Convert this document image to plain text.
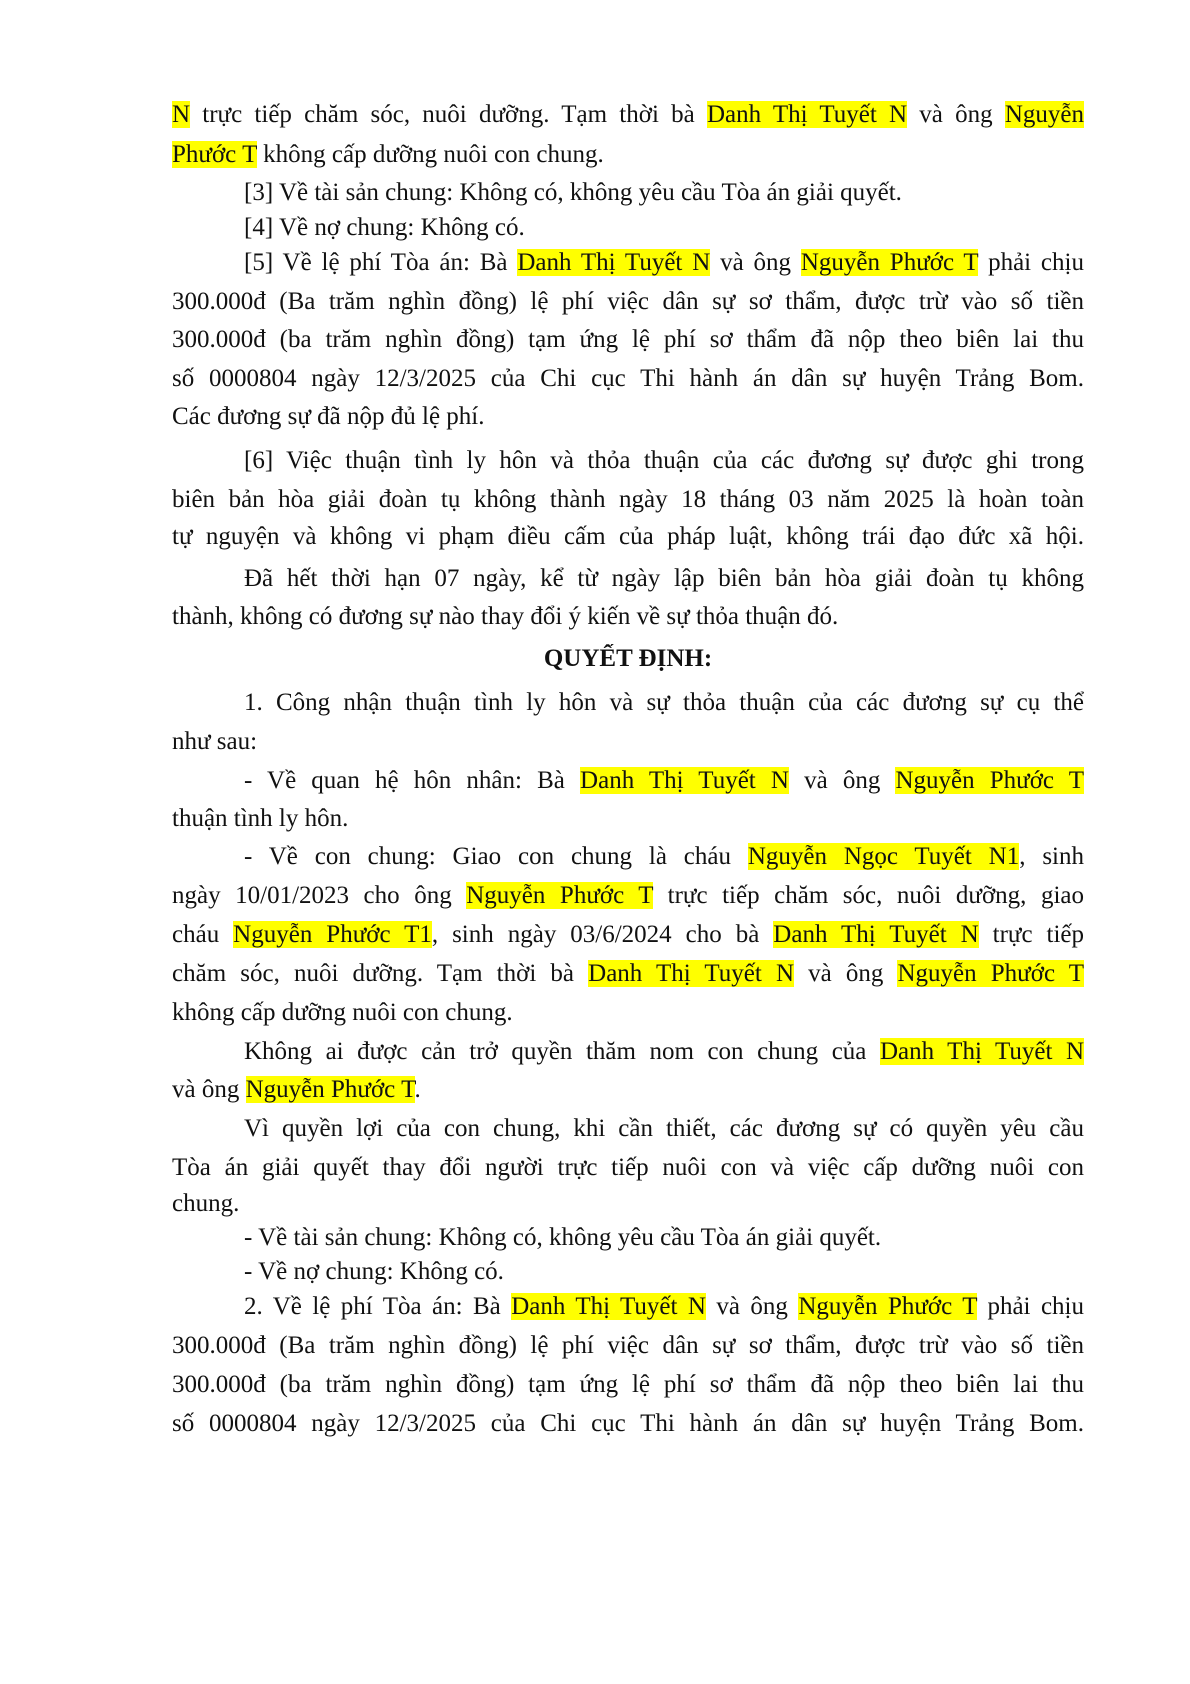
N trực tiếp chăm sóc, nuôi dưỡng. Tạm thời bà Danh Thị Tuyết N và ông Nguyễn
Phước T không cấp dưỡng nuôi con chung.
[3] Về tài sản chung: Không có, không yêu cầu Tòa án giải quyết.
[4] Về nợ chung: Không có.
[5] Về lệ phí Tòa án: Bà Danh Thị Tuyết N và ông Nguyễn Phước T phải chịu
300.000đ (Ba trăm nghìn đồng) lệ phí việc dân sự sơ thẩm, được trừ vào số tiền
300.000đ (ba trăm nghìn đồng) tạm ứng lệ phí sơ thẩm đã nộp theo biên lai thu
số 0000804 ngày 12/3/2025 của Chi cục Thi hành án dân sự huyện Trảng Bom.
Các đương sự đã nộp đủ lệ phí.
[6] Việc thuận tình ly hôn và thỏa thuận của các đương sự được ghi trong
biên bản hòa giải đoàn tụ không thành ngày 18 tháng 03 năm 2025 là hoàn toàn
tự nguyện và không vi phạm điều cấm của pháp luật, không trái đạo đức xã hội.
Đã hết thời hạn 07 ngày, kể từ ngày lập biên bản hòa giải đoàn tụ không
thành, không có đương sự nào thay đổi ý kiến về sự thỏa thuận đó.
QUYẾT ĐỊNH:
1. Công nhận thuận tình ly hôn và sự thỏa thuận của các đương sự cụ thể
như sau:
- Về quan hệ hôn nhân: Bà Danh Thị Tuyết N và ông Nguyễn Phước T
thuận tình ly hôn.
- Về con chung: Giao con chung là cháu Nguyễn Ngọc Tuyết N1, sinh
ngày 10/01/2023 cho ông Nguyễn Phước T trực tiếp chăm sóc, nuôi dưỡng, giao
cháu Nguyễn Phước T1, sinh ngày 03/6/2024 cho bà Danh Thị Tuyết N trực tiếp
chăm sóc, nuôi dưỡng. Tạm thời bà Danh Thị Tuyết N và ông Nguyễn Phước T
không cấp dưỡng nuôi con chung.
Không ai được cản trở quyền thăm nom con chung của Danh Thị Tuyết N
và ông Nguyễn Phước T.
Vì quyền lợi của con chung, khi cần thiết, các đương sự có quyền yêu cầu
Tòa án giải quyết thay đổi người trực tiếp nuôi con và việc cấp dưỡng nuôi con
chung.
- Về tài sản chung: Không có, không yêu cầu Tòa án giải quyết.
- Về nợ chung: Không có.
2. Về lệ phí Tòa án: Bà Danh Thị Tuyết N và ông Nguyễn Phước T phải chịu
300.000đ (Ba trăm nghìn đồng) lệ phí việc dân sự sơ thẩm, được trừ vào số tiền
300.000đ (ba trăm nghìn đồng) tạm ứng lệ phí sơ thẩm đã nộp theo biên lai thu
số 0000804 ngày 12/3/2025 của Chi cục Thi hành án dân sự huyện Trảng Bom.
